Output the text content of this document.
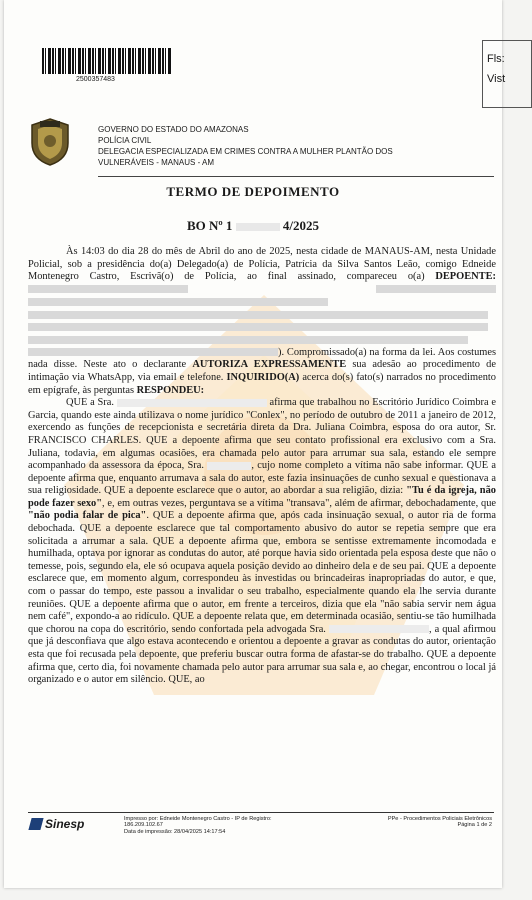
2500357483
Fls:
Vist
GOVERNO DO ESTADO DO AMAZONAS
POLÍCIA CIVIL
DELEGACIA ESPECIALIZADA EM CRIMES CONTRA A MULHER PLANTÃO DOS
VULNERÁVEIS - MANAUS - AM
TERMO DE DEPOIMENTO
BO Nº 1	4/2025

Às 14:03 do dia 28 do mês de Abril do ano de 2025, nesta cidade de MANAUS-AM, nesta Unidade Policial, sob a presidência do(a) Delegado(a) de Polícia, Patrícia da Silva Santos Leão, comigo Edneide Montenegro Castro, Escrivã(o) de Polícia, ao final assinado, compareceu o(a) DEPOENTE:       ). Compromissado(a) na forma da lei. Aos costumes nada disse. Neste ato o declarante AUTORIZA EXPRESSAMENTE sua adesão ao procedimento de intimação via WhatsApp, via email e telefone. INQUIRIDO(A) acerca do(s) fato(s) narrados no procedimento em epígrafe, às perguntas RESPONDEU:

QUE a Sra.	afirma que trabalhou no Escritório Jurídico Coimbra e Garcia, quando este ainda utilizava o nome jurídico "Conlex", no período de outubro de 2011 a janeiro de 2012, exercendo as funções de recepcionista e secretária direta da Dra. Juliana Coimbra, esposa do ora autor, Sr. FRANCISCO CHARLES. QUE a depoente afirma que seu contato profissional era exclusivo com a Sra. Juliana, todavia, em algumas ocasiões, era chamada pelo autor para arrumar sua sala, estando ele sempre acompanhado da assessora da época, Sra.	, cujo nome completo a vítima não sabe informar. QUE a depoente afirma que, enquanto arrumava a sala do autor, este fazia insinuações de cunho sexual e questionava a sua religiosidade. QUE a depoente esclarece que o autor, ao abordar a sua religião, dizia: "Tu é da igreja, não pode fazer sexo", e, em outras vezes, perguntava se a vítima "transava", além de afirmar, debochadamente, que "não podia falar de pica". QUE a depoente afirma que, após cada insinuação sexual, o autor ria de forma debochada. QUE a depoente esclarece que tal comportamento abusivo do autor se repetia sempre que era solicitada a arrumar a sala. QUE a depoente afirma que, embora se sentisse extremamente incomodada e humilhada, optava por ignorar as condutas do autor, até porque havia sido orientada pela esposa deste que não o temesse, pois, segundo ela, ele só ocupava aquela posição devido ao dinheiro dela e de seu pai. QUE a depoente esclarece que, em momento algum, correspondeu às investidas ou brincadeiras inapropriadas do autor, e que, com o passar do tempo, este passou a invalidar o seu trabalho, especialmente quando ela lhe servia durante reuniões. QUE a depoente afirma que o autor, em frente a terceiros, dizia que ela "não sabia servir nem água nem café", expondo-a ao ridículo. QUE a depoente relata que, em determinada ocasião, sentiu-se tão humilhada que chorou na copa do escritório, sendo confortada pela advogada Sra.	, a qual afirmou que já desconfiava que algo estava acontecendo e orientou a depoente a gravar as condutas do autor, orientação esta que foi recusada pela depoente, que preferiu buscar outra forma de afastar-se do trabalho. QUE a depoente afirma que, certo dia, foi novamente chamada pelo autor para arrumar sua sala e, ao chegar, encontrou o local já organizado e o autor em silêncio. QUE, ao

Sinesp	Impresso por: Edneide Montenegro Castro - IP de Registro:
186.209.102.67
Data de impressão: 28/04/2025 14:17:54
PPe - Procedimentos Policiais Eletrônicos
Página 1 de 2
